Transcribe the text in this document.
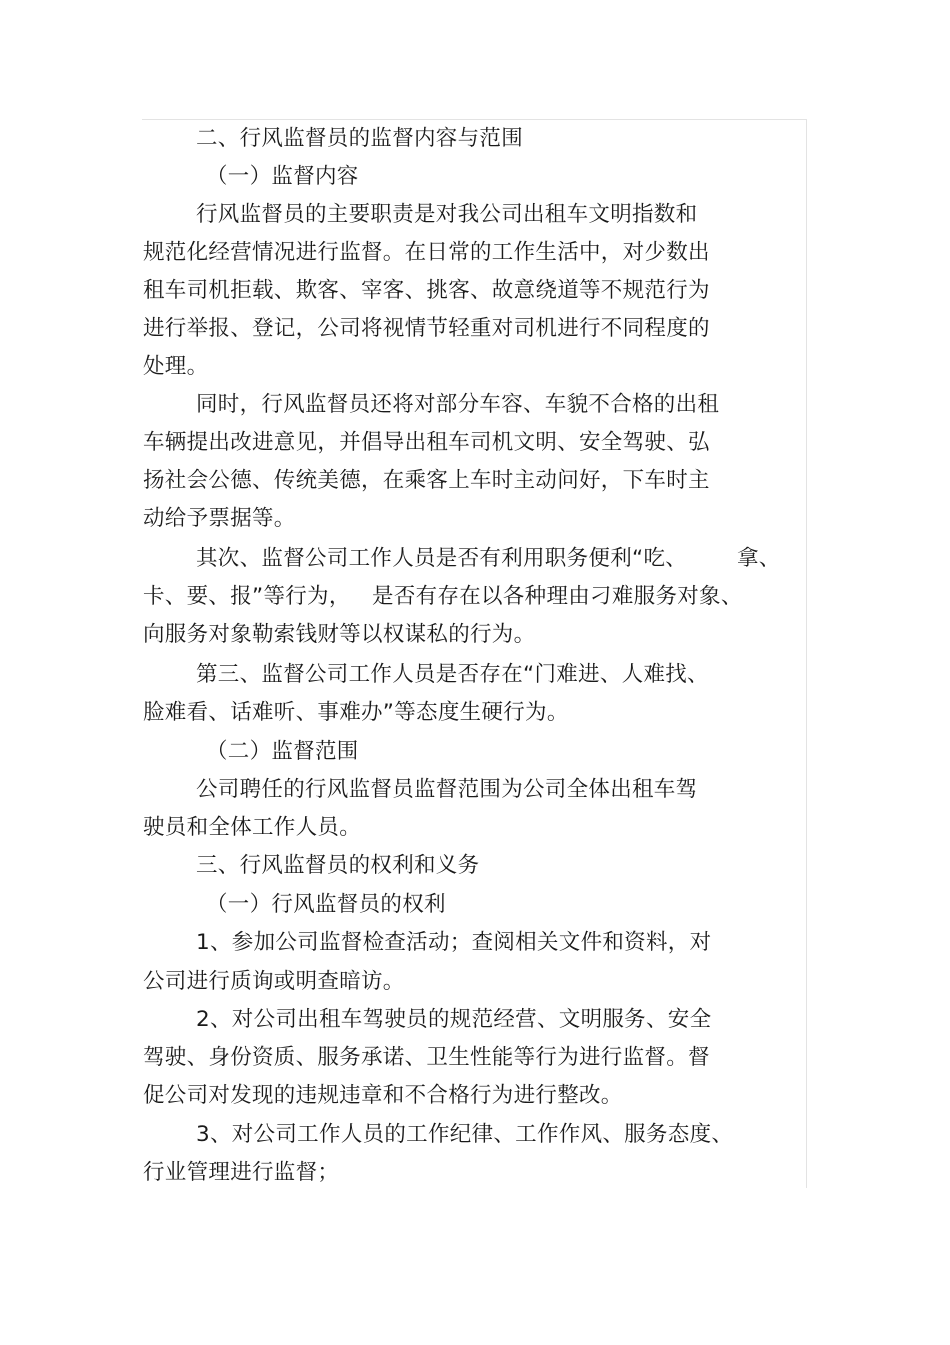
二、行风监督员的监督内容与范围
（一）监督内容
行风监督员的主要职责是对我公司出租车文明指数和
规范化经营情况进行监督。在日常的工作生活中，对少数出
租车司机拒载、欺客、宰客、挑客、故意绕道等不规范行为
进行举报、登记，公司将视情节轻重对司机进行不同程度的
处理。
同时，行风监督员还将对部分车容、车貌不合格的出租
车辆提出改进意见，并倡导出租车司机文明、安全驾驶、弘
扬社会公德、传统美德，在乘客上车时主动问好，下车时主
动给予票据等。
其次、监督公司工作人员是否有利用职务便利“吃、       拿、
卡、要、报”等行为，   是否有存在以各种理由刁难服务对象、
向服务对象勒索钱财等以权谋私的行为。
第三、监督公司工作人员是否存在“门难进、人难找、
脸难看、话难听、事难办”等态度生硬行为。
（二）监督范围
公司聘任的行风监督员监督范围为公司全体出租车驾
驶员和全体工作人员。
三、行风监督员的权利和义务
（一）行风监督员的权利
1、参加公司监督检查活动；查阅相关文件和资料，对
公司进行质询或明查暗访。
2、对公司出租车驾驶员的规范经营、文明服务、安全
驾驶、身份资质、服务承诺、卫生性能等行为进行监督。督
促公司对发现的违规违章和不合格行为进行整改。
3、对公司工作人员的工作纪律、工作作风、服务态度、
行业管理进行监督；
